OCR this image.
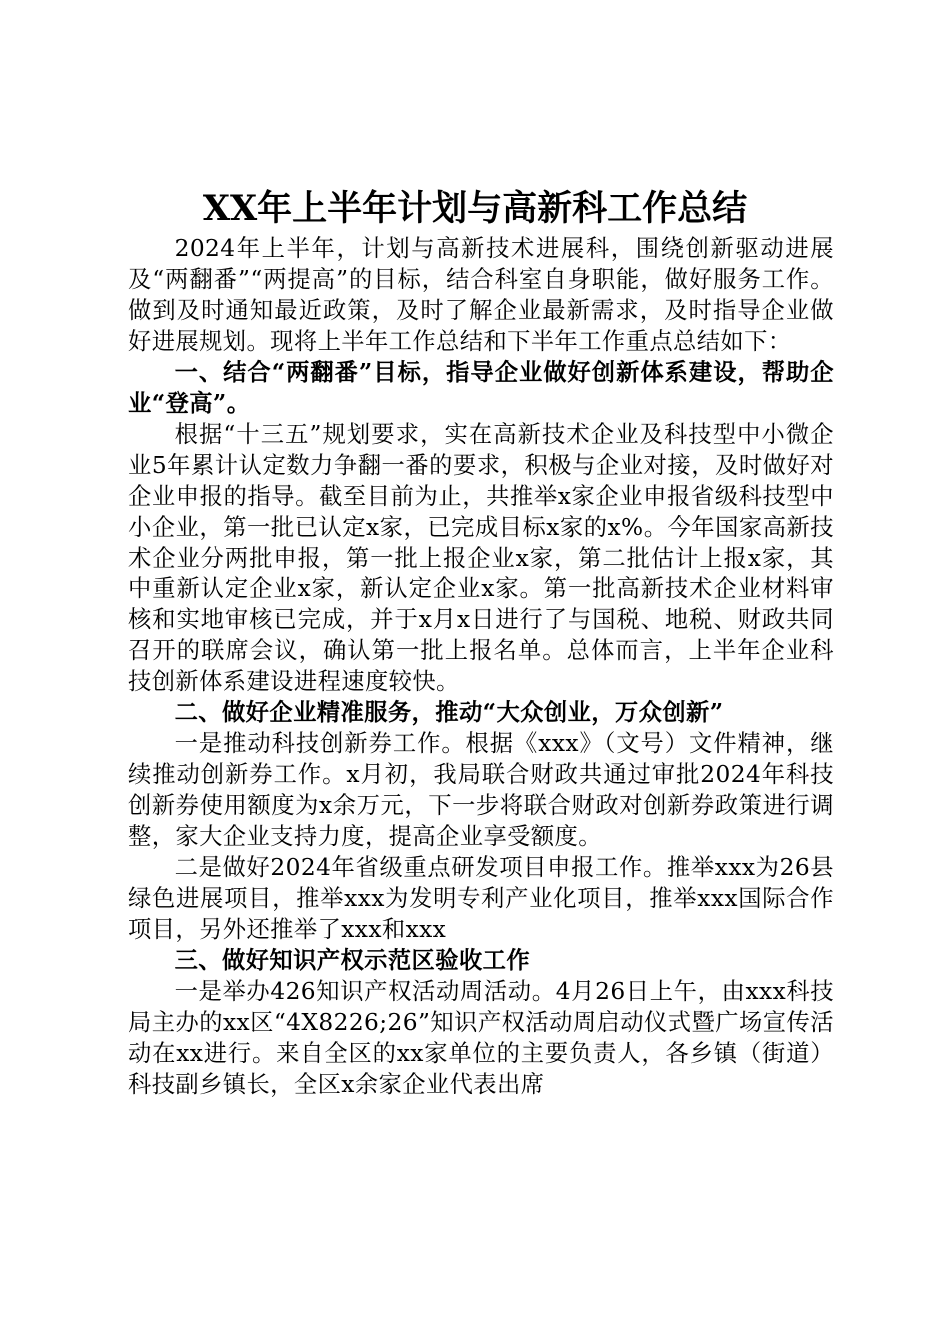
XX年上半年计划与高新科工作总结

2024年上半年，计划与高新技术进展科，围绕创新驱动进展及“两翻番”“两提高”的目标，结合科室自身职能，做好服务工作。做到及时通知最近政策，及时了解企业最新需求，及时指导企业做好进展规划。现将上半年工作总结和下半年工作重点总结如下：

一、结合“两翻番”目标，指导企业做好创新体系建设，帮助企业“登高”。

根据“十三五”规划要求，实在高新技术企业及科技型中小微企业5年累计认定数力争翻一番的要求，积极与企业对接，及时做好对企业申报的指导。截至目前为止，共推举x家企业申报省级科技型中小企业，第一批已认定x家，已完成目标x家的x%。今年国家高新技术企业分两批申报，第一批上报企业x家，第二批估计上报x家，其中重新认定企业x家，新认定企业x家。第一批高新技术企业材料审核和实地审核已完成，并于x月x日进行了与国税、地税、财政共同召开的联席会议，确认第一批上报名单。总体而言，上半年企业科技创新体系建设进程速度较快。

二、做好企业精准服务，推动“大众创业，万众创新”

一是推动科技创新券工作。根据《xxx》（文号）文件精神，继续推动创新券工作。x月初，我局联合财政共通过审批2024年科技创新券使用额度为x余万元，下一步将联合财政对创新券政策进行调整，家大企业支持力度，提高企业享受额度。

二是做好2024年省级重点研发项目申报工作。推举xxx为26县绿色进展项目，推举xxx为发明专利产业化项目，推举xxx国际合作项目，另外还推举了xxx和xxx

三、做好知识产权示范区验收工作

一是举办426知识产权活动周活动。4月26日上午，由xxx科技局主办的xx区“4X8226;26”知识产权活动周启动仪式暨广场宣传活动在xx进行。来自全区的xx家单位的主要负责人，各乡镇（街道）科技副乡镇长，全区x余家企业代表出席
